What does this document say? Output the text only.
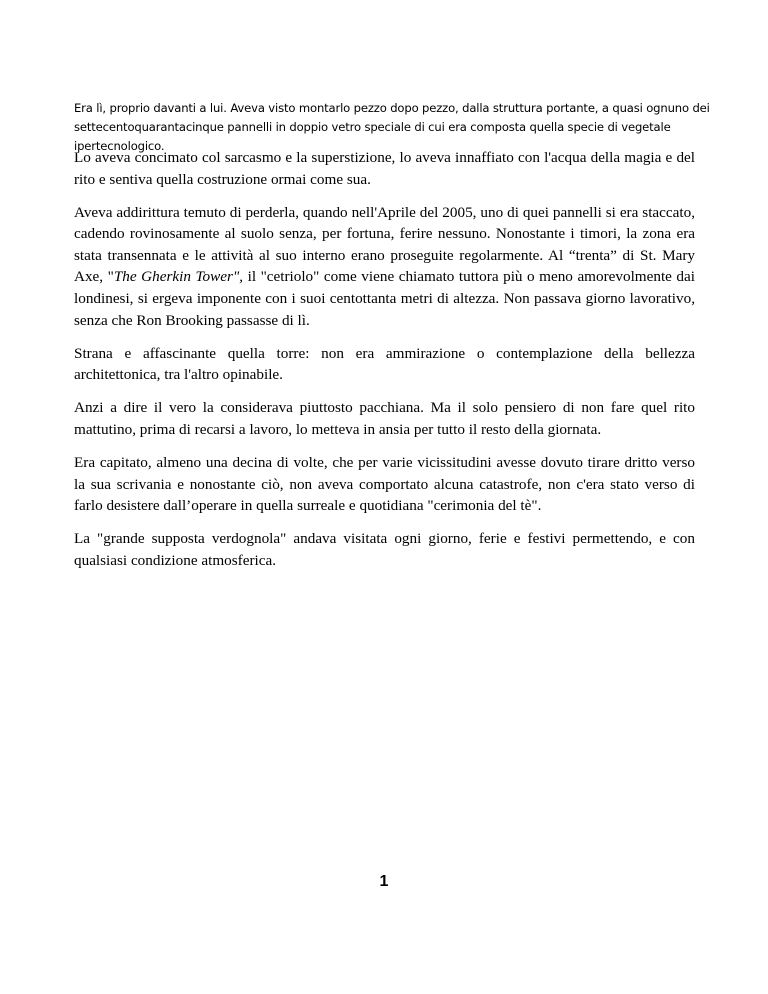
Era lì, proprio davanti a lui. Aveva visto montarlo pezzo dopo pezzo, dalla struttura portante, a quasi ognuno dei settecentoquarantacinque pannelli in doppio vetro speciale di cui era composta quella specie di vegetale ipertecnologico.

Lo aveva concimato col sarcasmo e la superstizione, lo aveva innaffiato con l'acqua della magia e del rito e sentiva quella costruzione ormai come sua.

Aveva addirittura temuto di perderla, quando nell'Aprile del 2005, uno di quei pannelli si era staccato, cadendo rovinosamente al suolo senza, per fortuna, ferire nessuno. Nonostante i timori, la zona era stata transennata e le attività al suo interno erano proseguite regolarmente. Al “trenta” di St. Mary Axe, "The Gherkin Tower", il "cetriolo" come viene chiamato tuttora più o meno amorevolmente dai londinesi, si ergeva imponente con i suoi centottanta metri di altezza. Non passava giorno lavorativo, senza che Ron Brooking passasse di lì.

Strana e affascinante quella torre: non era ammirazione o contemplazione della bellezza architettonica, tra l'altro opinabile.

Anzi a dire il vero la considerava piuttosto pacchiana. Ma il solo pensiero di non fare quel rito mattutino, prima di recarsi a lavoro, lo metteva in ansia per tutto il resto della giornata.

Era capitato, almeno una decina di volte, che per varie vicissitudini avesse dovuto tirare dritto verso la sua scrivania e nonostante ciò, non aveva comportato alcuna catastrofe, non c'era stato verso di farlo desistere dall’operare in quella surreale e quotidiana "cerimonia del tè".

La "grande supposta verdognola" andava visitata ogni giorno, ferie e festivi permettendo, e con qualsiasi condizione atmosferica.

1
